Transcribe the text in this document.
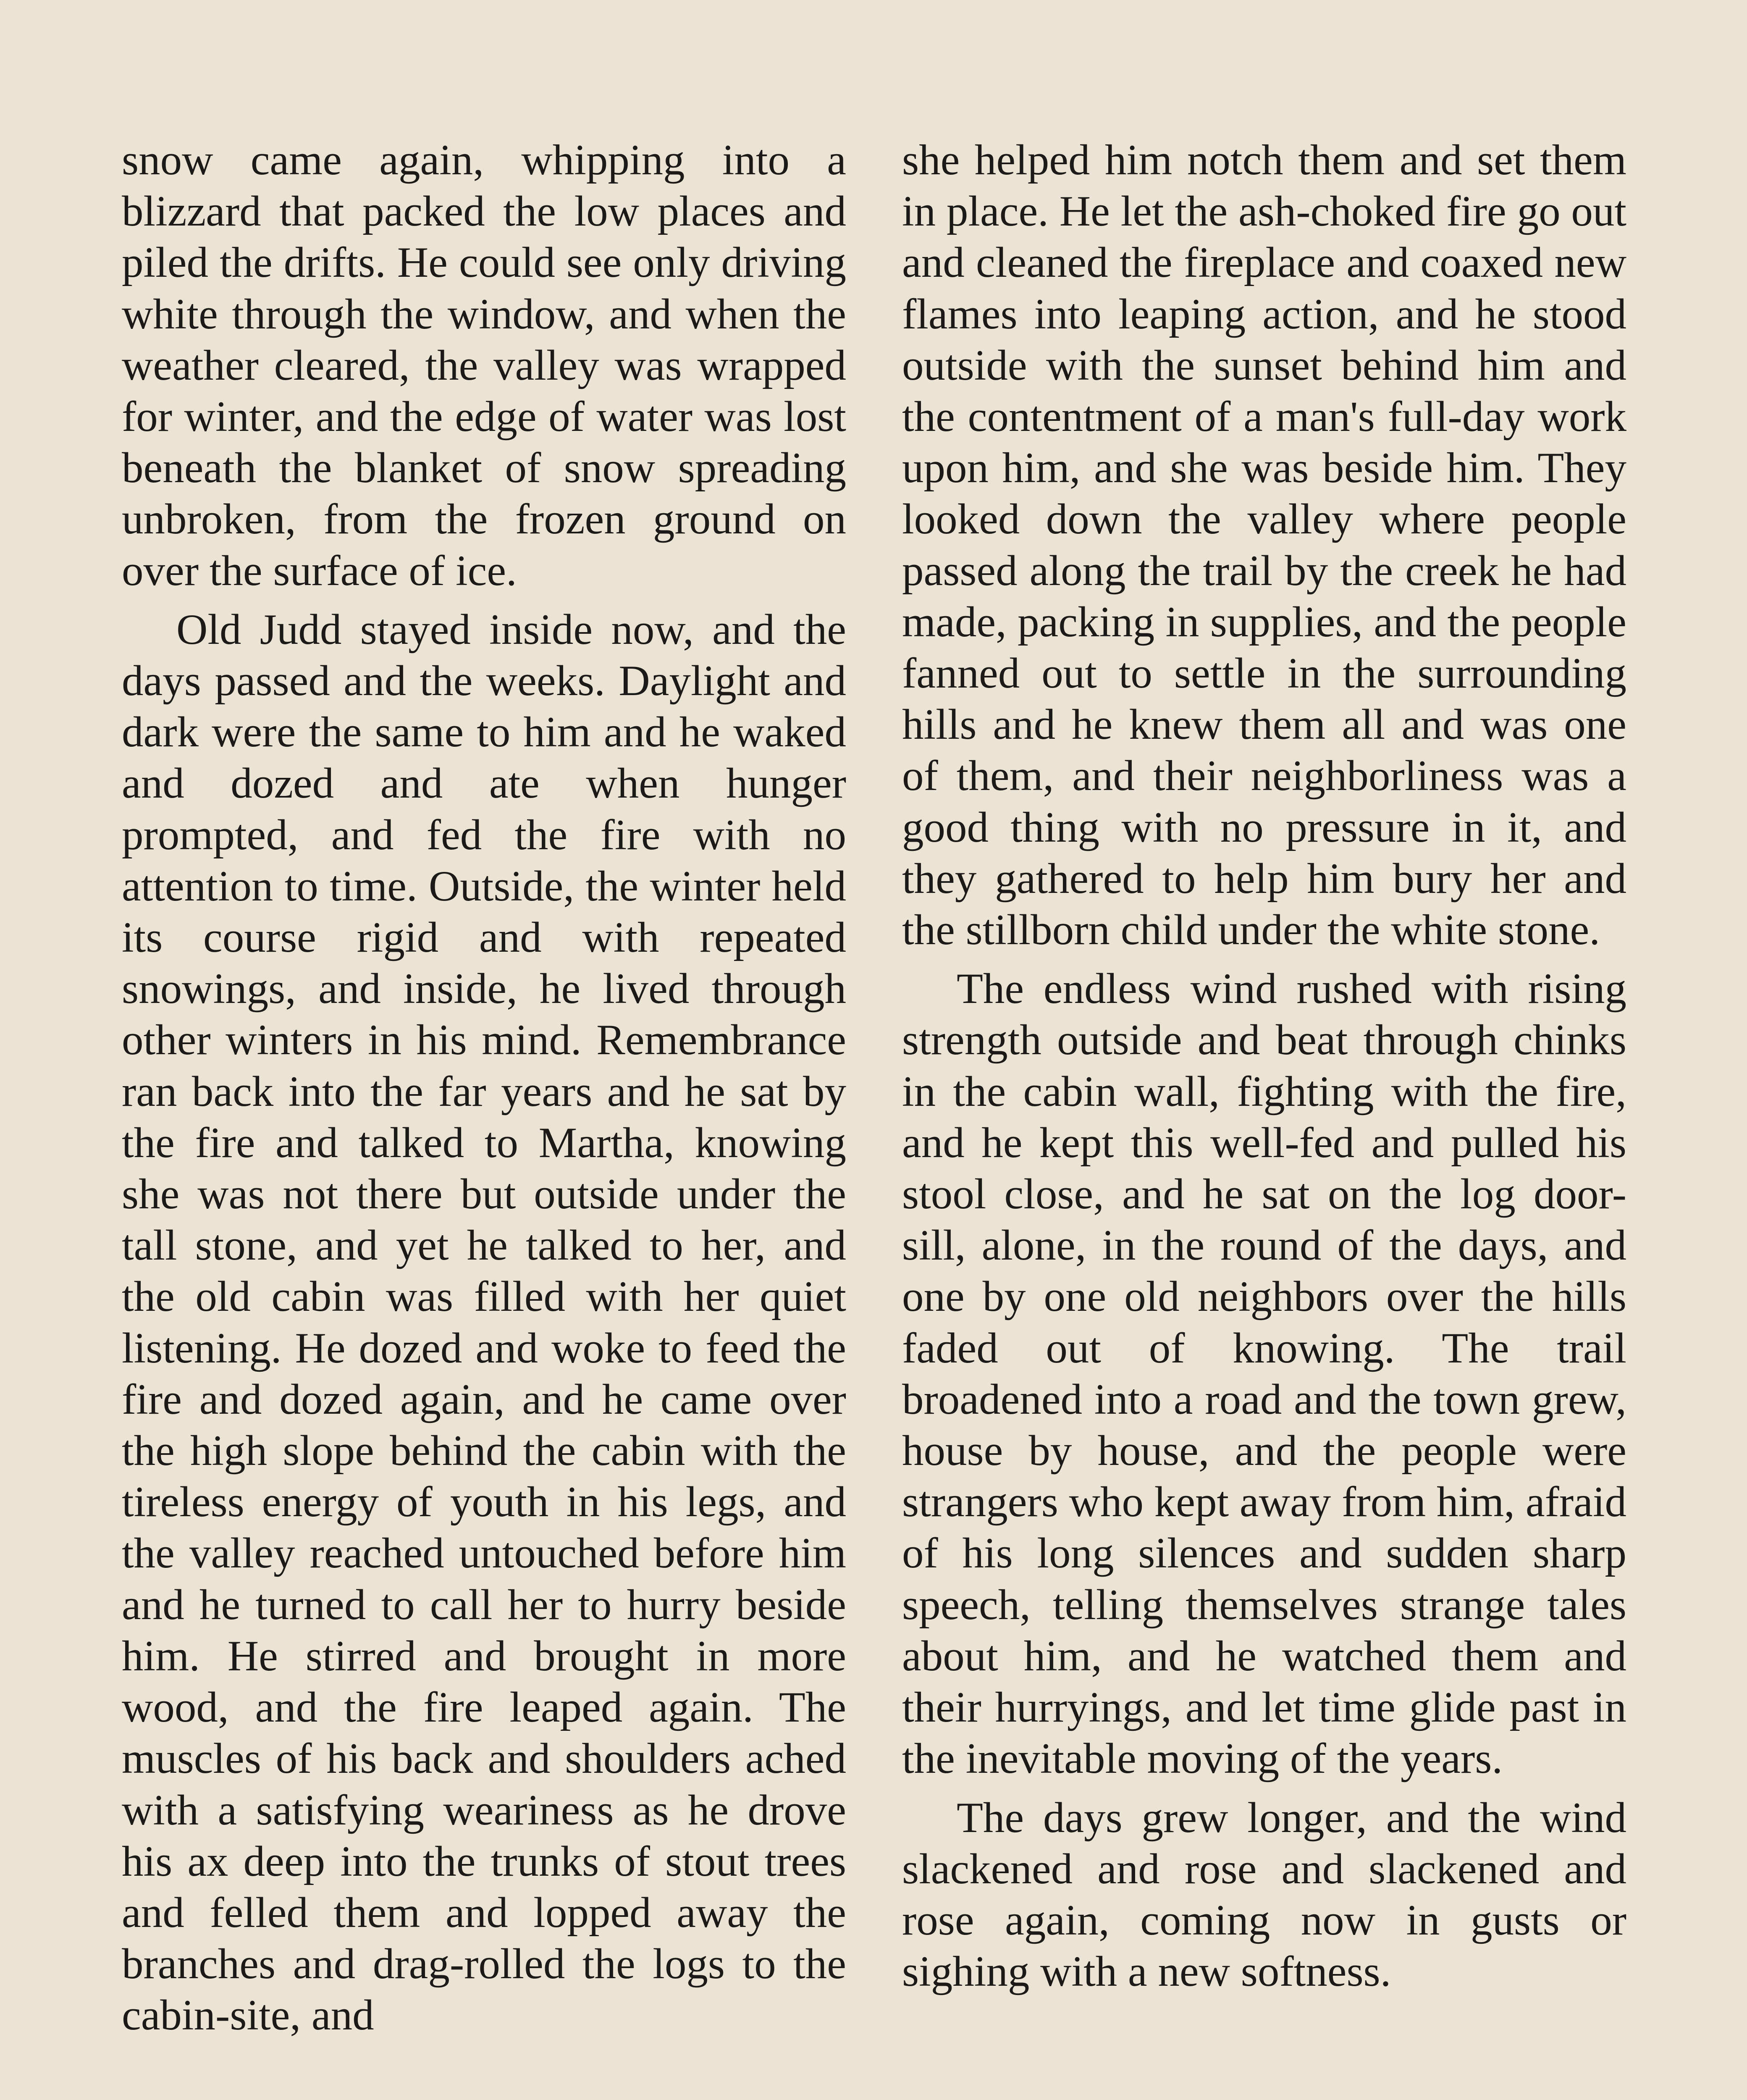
snow came again, whipping into a blizzard that packed the low places and piled the drifts. He could see only driving white through the window, and when the weather cleared, the valley was wrapped for winter, and the edge of water was lost beneath the blanket of snow spreading unbroken, from the frozen ground on over the surface of ice.

Old Judd stayed inside now, and the days passed and the weeks. Daylight and dark were the same to him and he waked and dozed and ate when hunger prompted, and fed the fire with no attention to time. Outside, the winter held its course rigid and with repeated snowings, and inside, he lived through other winters in his mind. Remembrance ran back into the far years and he sat by the fire and talked to Martha, knowing she was not there but outside under the tall stone, and yet he talked to her, and the old cabin was filled with her quiet listening. He dozed and woke to feed the fire and dozed again, and he came over the high slope behind the cabin with the tireless energy of youth in his legs, and the valley reached untouched before him and he turned to call her to hurry beside him. He stirred and brought in more wood, and the fire leaped again. The muscles of his back and shoulders ached with a satisfying weariness as he drove his ax deep into the trunks of stout trees and felled them and lopped away the branches and drag-rolled the logs to the cabin-site, and

she helped him notch them and set them in place. He let the ash-choked fire go out and cleaned the fireplace and coaxed new flames into leaping action, and he stood outside with the sunset behind him and the contentment of a man's full-day work upon him, and she was beside him. They looked down the valley where people passed along the trail by the creek he had made, packing in supplies, and the people fanned out to settle in the surrounding hills and he knew them all and was one of them, and their neighborliness was a good thing with no pressure in it, and they gathered to help him bury her and the stillborn child under the white stone.

The endless wind rushed with rising strength outside and beat through chinks in the cabin wall, fighting with the fire, and he kept this well-fed and pulled his stool close, and he sat on the log door-sill, alone, in the round of the days, and one by one old neighbors over the hills faded out of knowing. The trail broadened into a road and the town grew, house by house, and the people were strangers who kept away from him, afraid of his long silences and sudden sharp speech, telling themselves strange tales about him, and he watched them and their hurryings, and let time glide past in the inevitable moving of the years.

The days grew longer, and the wind slackened and rose and slackened and rose again, coming now in gusts or sighing with a new softness.
